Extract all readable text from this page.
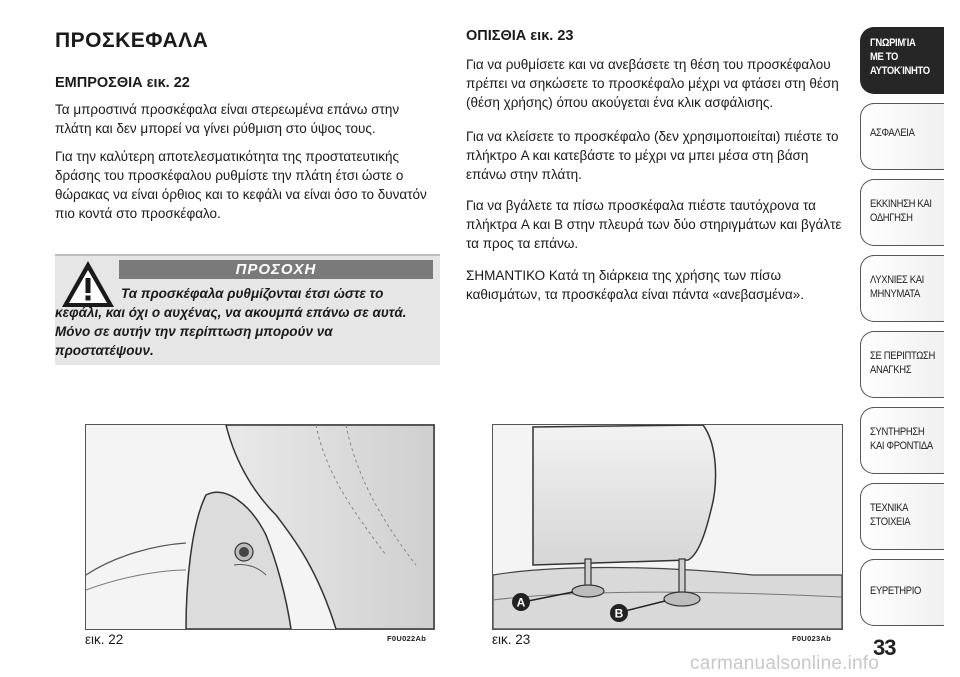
ΠΡΟΣΚΕΦΑΛΑ

ΕΜΠΡΟΣΘΙΑ εικ. 22

Τα μπροστινά προσκέφαλα είναι στερεωμένα επάνω στην πλάτη και δεν μπορεί να γίνει ρύθμιση στο ύψος τους.

Για την καλύτερη αποτελεσματικότητα της προστατευτικής δράσης του προσκέφαλου ρυθμίστε την πλάτη έτσι ώστε ο θώρακας να είναι όρθιος και το κεφάλι να είναι όσο το δυνατόν πιο κοντά στο προσκέφαλο.

ΠΡΟΣΟΧΗ

Τα προσκέφαλα ρυθμίζονται έτσι ώστε το κεφάλι, και όχι ο αυχένας, να ακουμπά επάνω σε αυτά. Μόνο σε αυτήν την περίπτωση μπορούν να προστατέψουν.

ΟΠΙΣΘΙΑ εικ. 23

Για να ρυθμίσετε και να ανεβάσετε τη θέση του προσκέφαλου πρέπει να σηκώσετε το προσκέφαλο μέχρι να φτάσει στη θέση (θέση χρήσης) όπου ακούγεται ένα κλικ ασφάλισης.

Για να κλείσετε το προσκέφαλο (δεν χρησιμοποιείται) πιέστε το πλήκτρο A και κατεβάστε το μέχρι να μπει μέσα στη βάση επάνω στην πλάτη.

Για να βγάλετε τα πίσω προσκέφαλα πιέστε ταυτόχρονα τα πλήκτρα A και B στην πλευρά των δύο στηριγμάτων και βγάλτε τα προς τα επάνω.

ΣΗΜΑΝΤΙΚΟ Κατά τη διάρκεια της χρήσης των πίσω καθισμάτων, τα προσκέφαλα είναι πάντα «ανεβασμένα».

εικ. 22	F0U022Ab
A
B
εικ. 23	F0U023Ab
ΓΝΩΡΙΜΊΑ
ΜΕ ΤΟ
ΑΥΤΟΚΊΝΗΤΟ
ΑΣΦΑΛΕΙΑ
ΕΚΚΙΝΗΣΗ ΚΑΙ
ΟΔΗΓΗΣΗ
ΛΥΧΝΙΕΣ ΚΑΙ
ΜΗΝΥΜΑΤΑ
ΣΕ ΠΕΡΙΠΤΩΣΗ
ΑΝΑΓΚΗΣ
ΣΥΝΤΗΡΗΣΗ
ΚΑΙ ΦΡΟΝΤΙΔΑ
ΤΕΧΝΙΚΑ
ΣΤΟΙΧΕΙΑ
ΕΥΡΕΤΗΡΙΟ
33
carmanualsonline.info
